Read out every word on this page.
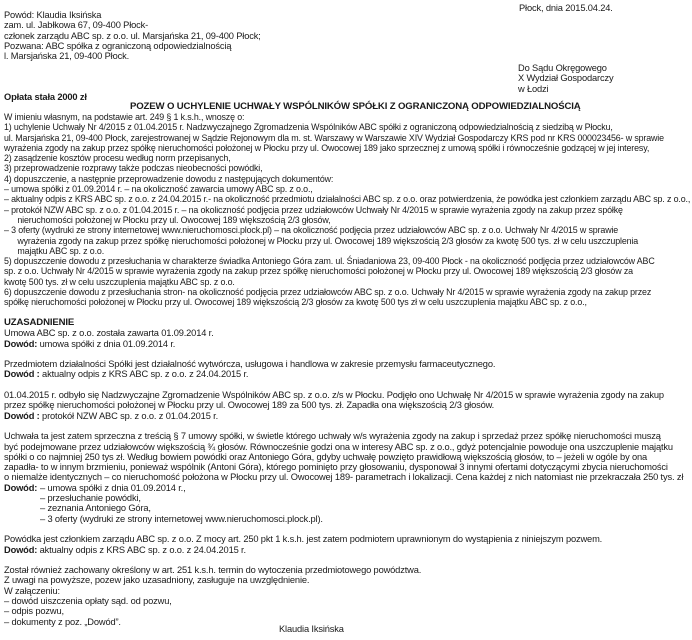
Płock, dnia 2015.04.24.
Powód: Klaudia Iksińska
zam. ul. Jabłkowa 67, 09-400 Płock-
członek zarządu ABC sp. z o.o. ul. Marsjańska 21, 09-400 Płock;
Pozwana: ABC spółka z ograniczoną odpowiedzialnością
l. Marsjańska 21, 09-400 Płock.
Do Sądu Okręgowego
X Wydział Gospodarczy
w Łodzi
Opłata stała 2000 zł
POZEW O UCHYLENIE UCHWAŁY WSPÓLNIKÓW SPÓŁKI Z OGRANICZONĄ ODPOWIEDZIALNOŚCIĄ
W imieniu własnym, na podstawie art. 249 § 1 k.s.h., wnoszę o:
1) uchylenie Uchwały Nr 4/2015 z 01.04.2015 r. Nadzwyczajnego Zgromadzenia Wspólników ABC spółki z ograniczoną odpowiedzialnością z siedzibą w Płocku,
ul. Marsjańska 21, 09-400 Płock, zarejestrowanej w Sądzie Rejonowym dla m. st. Warszawy w Warszawie XIV Wydział Gospodarczy KRS pod nr KRS 000023456- w sprawie
wyrażenia zgody na zakup przez spółkę nieruchomości położonej w Płocku przy ul. Owocowej 189 jako sprzecznej z umową spółki i równocześnie godzącej w jej interesy,
2) zasądzenie kosztów procesu według norm przepisanych,
3) przeprowadzenie rozprawy także podczas nieobecności powódki,
4) dopuszczenie, a następnie przeprowadzenie dowodu z następujących dokumentów:
– umowa spółki z 01.09.2014 r. – na okoliczność zawarcia umowy ABC sp. z o.o.,
– aktualny odpis z KRS ABC sp. z o.o. z 24.04.2015 r.- na okoliczność przedmiotu działalności ABC sp. z o.o. oraz potwierdzenia, że powódka jest członkiem zarządu ABC sp. z o.o.,
– protokół NZW ABC sp. z o.o. z 01.04.2015 r. – na okoliczność podjęcia przez udziałowców Uchwały Nr 4/2015 w sprawie wyrażenia zgody na zakup przez spółkę
nieruchomości położonej w Płocku przy ul. Owocowej 189 większością 2/3 głosów,
– 3 oferty (wydruki ze strony internetowej www.nieruchomosci.plock.pl) – na okoliczność podjęcia przez udziałowców ABC sp. z o.o. Uchwały Nr 4/2015 w sprawie
wyrażenia zgody na zakup przez spółkę nieruchomości położonej w Płocku przy ul. Owocowej 189 większością 2/3 głosów za kwotę 500 tys. zł w celu uszczuplenia
majątku ABC sp. z o.o.
5) dopuszczenie dowodu z przesłuchania w charakterze świadka Antoniego Góra zam. ul. Śniadaniowa 23, 09-400 Płock - na okoliczność podjęcia przez udziałowców ABC
sp. z o.o. Uchwały Nr 4/2015 w sprawie wyrażenia zgody na zakup przez spółkę nieruchomości położonej w Płocku przy ul. Owocowej 189 większością 2/3 głosów za
kwotę 500 tys. zł w celu uszczuplenia majątku ABC sp. z o.o.
6) dopuszczenie dowodu z przesłuchania stron- na okoliczność podjęcia przez udziałowców ABC sp. z o.o. Uchwały Nr 4/2015 w sprawie wyrażenia zgody na zakup przez
spółkę nieruchomości położonej w Płocku przy ul. Owocowej 189 większością 2/3 głosów za kwotę 500 tys zł w celu uszczuplenia majątku ABC sp. z o.o.,
UZASADNIENIE
Umowa ABC sp. z o.o. została zawarta 01.09.2014 r.
Dowód: umowa spółki z dnia 01.09.2014 r.
Przedmiotem działalności Spółki jest działalność wytwórcza, usługowa i handlowa w zakresie przemysłu farmaceutycznego.
Dowód : aktualny odpis z KRS ABC sp. z o.o. z 24.04.2015 r.
01.04.2015 r. odbyło się Nadzwyczajne Zgromadzenie Wspólników ABC sp. z o.o. z/s w Płocku. Podjęło ono Uchwałę Nr 4/2015 w sprawie wyrażenia zgody na zakup
przez spółkę nieruchomości położonej w Płocku przy ul. Owocowej 189 za 500 tys. zł. Zapadła ona większością 2/3 głosów.
Dowód : protokół NZW ABC sp. z o.o. z 01.04.2015 r.
Uchwała ta jest zatem sprzeczna z treścią § 7 umowy spółki, w świetle którego uchwały w/s wyrażenia zgody na zakup i sprzedaż przez spółkę nieruchomości muszą
być podejmowane przez udziałowców większością ¾ głosów. Równocześnie godzi ona w interesy ABC sp. z o.o., gdyż potencjalnie powoduje ona uszczuplenie majątku
spółki o co najmniej 250 tys zł. Według bowiem powódki oraz Antoniego Góra, gdyby uchwałę powzięto prawidłową większością głosów, to – jeżeli w ogóle by ona
zapadła- to w innym brzmieniu, ponieważ wspólnik (Antoni Góra), którego pominięto przy głosowaniu, dysponował 3 innymi ofertami dotyczącymi zbycia nieruchomości
o niemalże identycznych – co nieruchomość położona w Płocku przy ul. Owocowej 189- parametrach i lokalizacji. Cena każdej z nich natomiast nie przekraczała 250 tys. zł
Dowód: – umowa spółki z dnia 01.09.2014 r.,
– przesłuchanie powódki,
– zeznania Antoniego Góra,
– 3 oferty (wydruki ze strony internetowej www.nieruchomosci.plock.pl).
Powódka jest członkiem zarządu ABC sp. z o.o. Z mocy art. 250 pkt 1 k.s.h. jest zatem podmiotem uprawnionym do wystąpienia z niniejszym pozwem.
Dowód: aktualny odpis z KRS ABC sp. z o.o. z 24.04.2015 r.
Został również zachowany określony w art. 251 k.s.h. termin do wytoczenia przedmiotowego powództwa.
Z uwagi na powyższe, pozew jako uzasadniony, zasługuje na uwzględnienie.
W załączeniu:
– dowód uiszczenia opłaty sąd. od pozwu,
– odpis pozwu,
– dokumenty z poz. „Dowód”.
Klaudia Iksińska
